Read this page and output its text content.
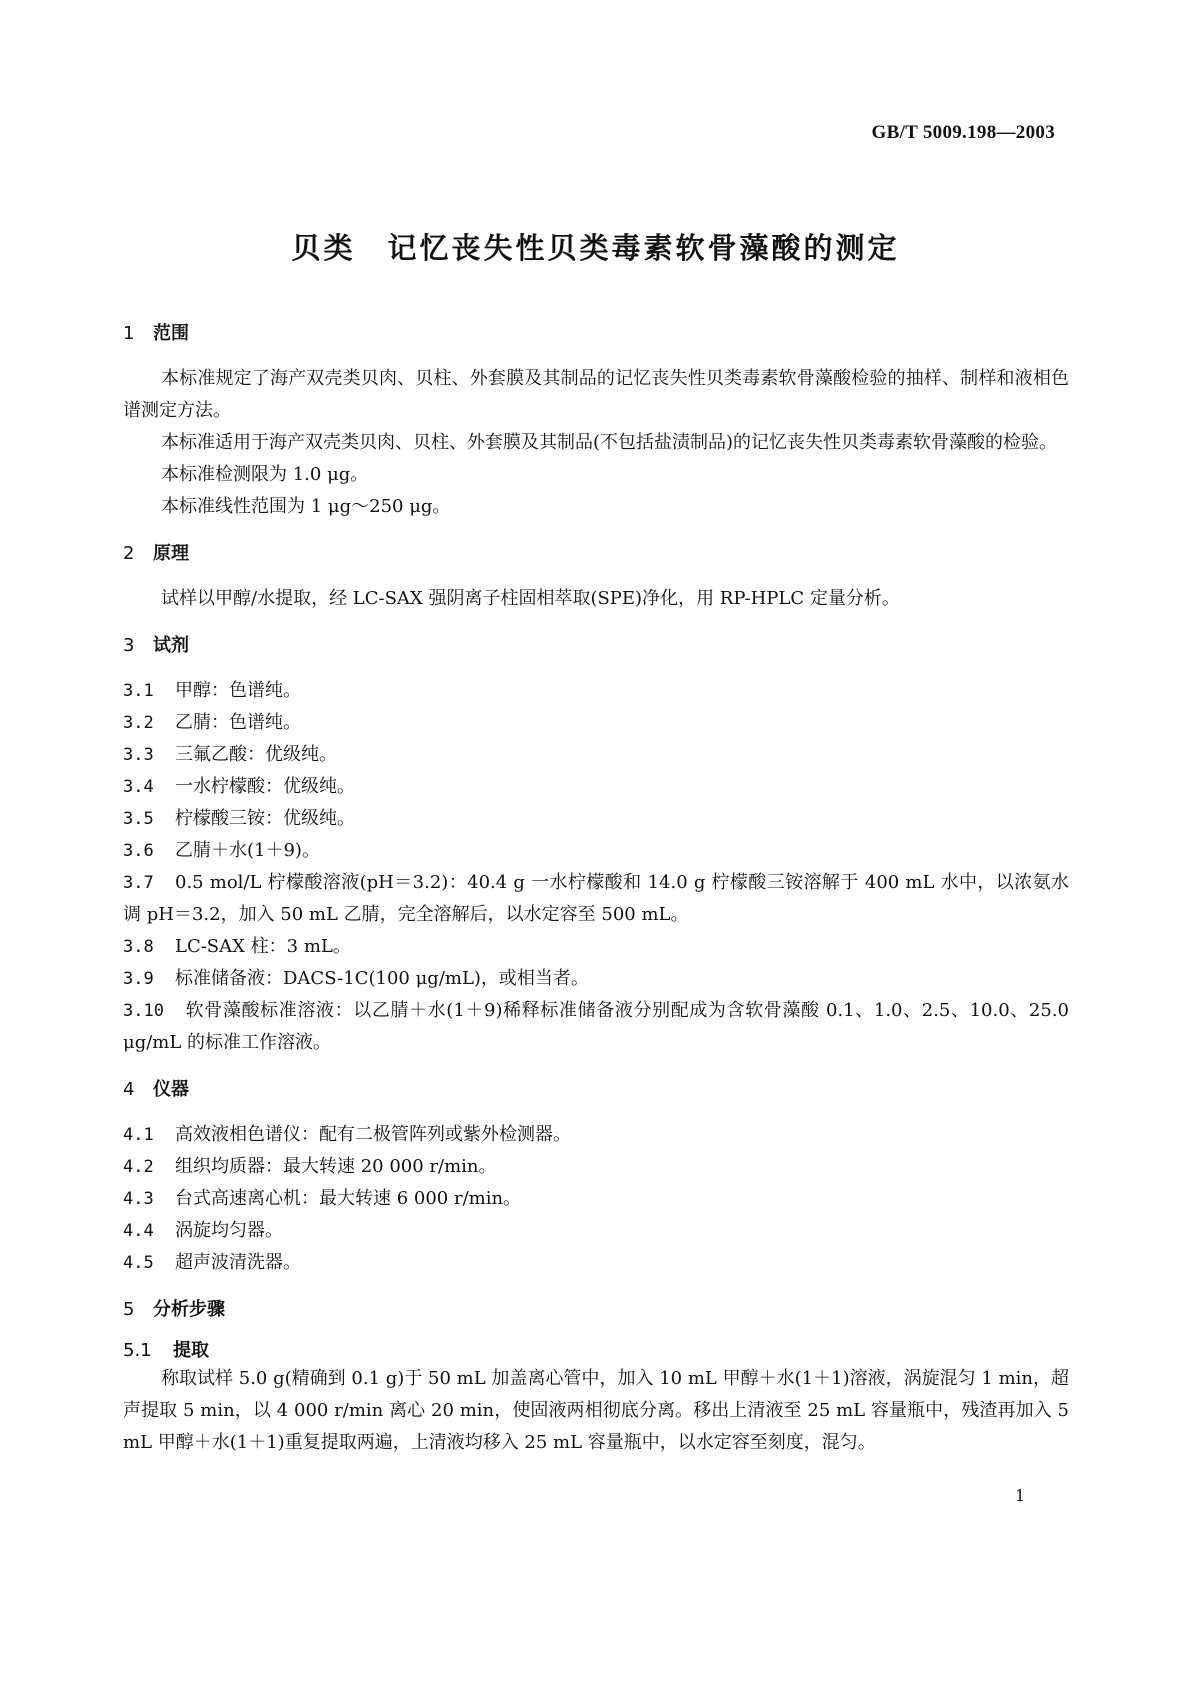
GB/T 5009.198—2003
贝类　记忆丧失性贝类毒素软骨藻酸的测定
1 范围

本标准规定了海产双壳类贝肉、贝柱、外套膜及其制品的记忆丧失性贝类毒素软骨藻酸检验的抽样、制样和液相色谱测定方法。

本标准适用于海产双壳类贝肉、贝柱、外套膜及其制品(不包括盐渍制品)的记忆丧失性贝类毒素软骨藻酸的检验。

本标准检测限为 1.0 μg。

本标准线性范围为 1 μg～250 μg。

2 原理

试样以甲醇/水提取，经 LC-SAX 强阴离子柱固相萃取(SPE)净化，用 RP-HPLC 定量分析。

3 试剂
3.1 甲醇：色谱纯。
3.2 乙腈：色谱纯。
3.3 三氟乙酸：优级纯。
3.4 一水柠檬酸：优级纯。
3.5 柠檬酸三铵：优级纯。
3.6 乙腈＋水(1＋9)。
3.7 0.5 mol/L 柠檬酸溶液(pH＝3.2)：40.4 g 一水柠檬酸和 14.0 g 柠檬酸三铵溶解于 400 mL 水中，以浓氨水调 pH＝3.2，加入 50 mL 乙腈，完全溶解后，以水定容至 500 mL。
3.8 LC-SAX 柱：3 mL。
3.9 标准储备液：DACS-1C(100 μg/mL)，或相当者。
3.10 软骨藻酸标准溶液：以乙腈＋水(1＋9)稀释标准储备液分别配成为含软骨藻酸 0.1、1.0、2.5、10.0、25.0 μg/mL 的标准工作溶液。
4 仪器
4.1 高效液相色谱仪：配有二极管阵列或紫外检测器。
4.2 组织均质器：最大转速 20 000 r/min。
4.3 台式高速离心机：最大转速 6 000 r/min。
4.4 涡旋均匀器。
4.5 超声波清洗器。
5 分析步骤
5.1 提取

称取试样 5.0 g(精确到 0.1 g)于 50 mL 加盖离心管中，加入 10 mL 甲醇＋水(1＋1)溶液，涡旋混匀 1 min，超声提取 5 min，以 4 000 r/min 离心 20 min，使固液两相彻底分离。移出上清液至 25 mL 容量瓶中，残渣再加入 5 mL 甲醇＋水(1＋1)重复提取两遍，上清液均移入 25 mL 容量瓶中，以水定容至刻度，混匀。

1
